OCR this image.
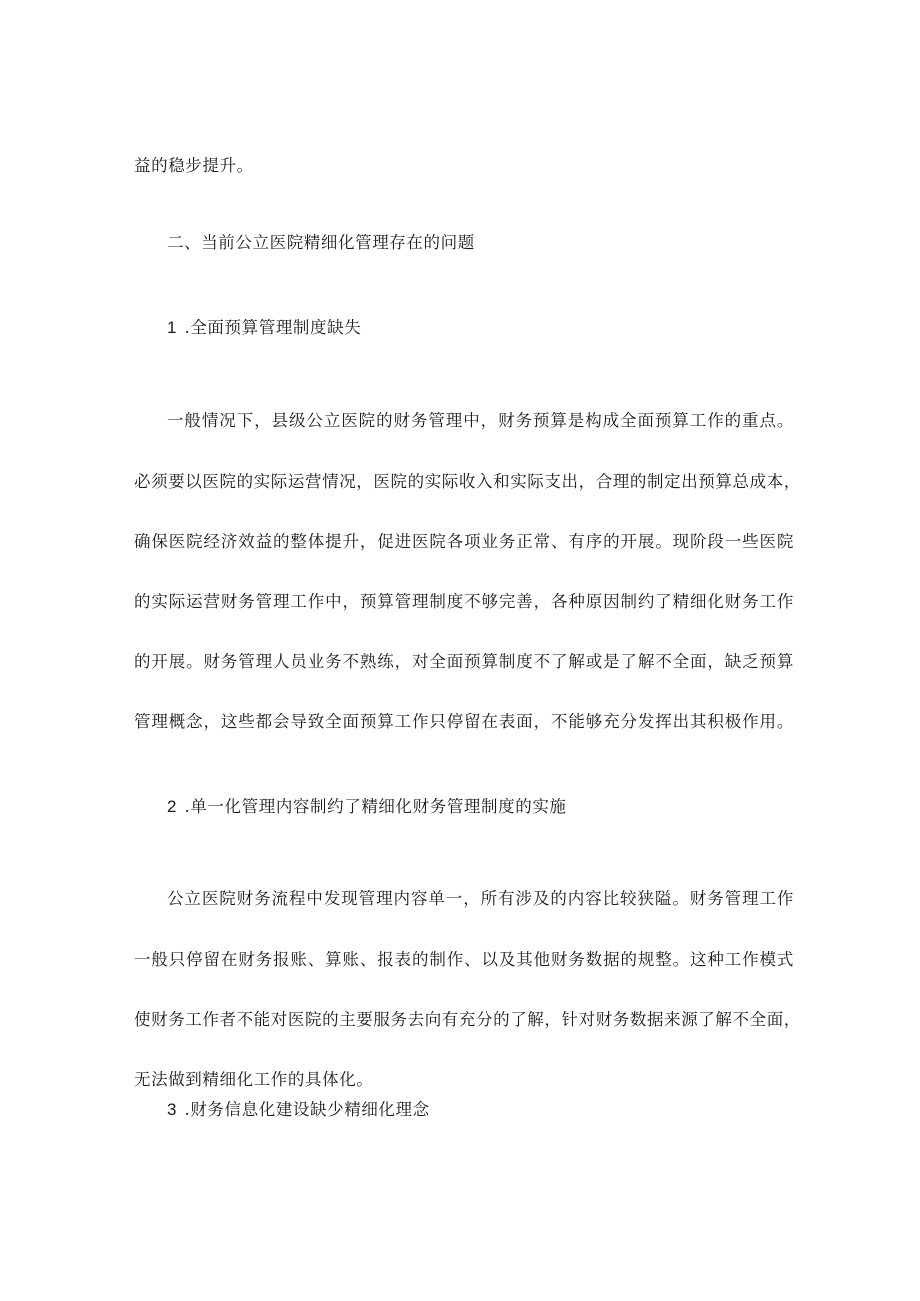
益的稳步提升。
二、当前公立医院精细化管理存在的问题
1 .全面预算管理制度缺失
一般情况下，县级公立医院的财务管理中，财务预算是构成全面预算工作的重点。
必须要以医院的实际运营情况，医院的实际收入和实际支出，合理的制定出预算总成本，
确保医院经济效益的整体提升，促进医院各项业务正常、有序的开展。现阶段一些医院
的实际运营财务管理工作中，预算管理制度不够完善，各种原因制约了精细化财务工作
的开展。财务管理人员业务不熟练，对全面预算制度不了解或是了解不全面，缺乏预算
管理概念，这些都会导致全面预算工作只停留在表面，不能够充分发挥出其积极作用。
2 .单一化管理内容制约了精细化财务管理制度的实施
公立医院财务流程中发现管理内容单一，所有涉及的内容比较狭隘。财务管理工作
一般只停留在财务报账、算账、报表的制作、以及其他财务数据的规整。这种工作模式
使财务工作者不能对医院的主要服务去向有充分的了解，针对财务数据来源了解不全面，
无法做到精细化工作的具体化。
3 .财务信息化建设缺少精细化理念
